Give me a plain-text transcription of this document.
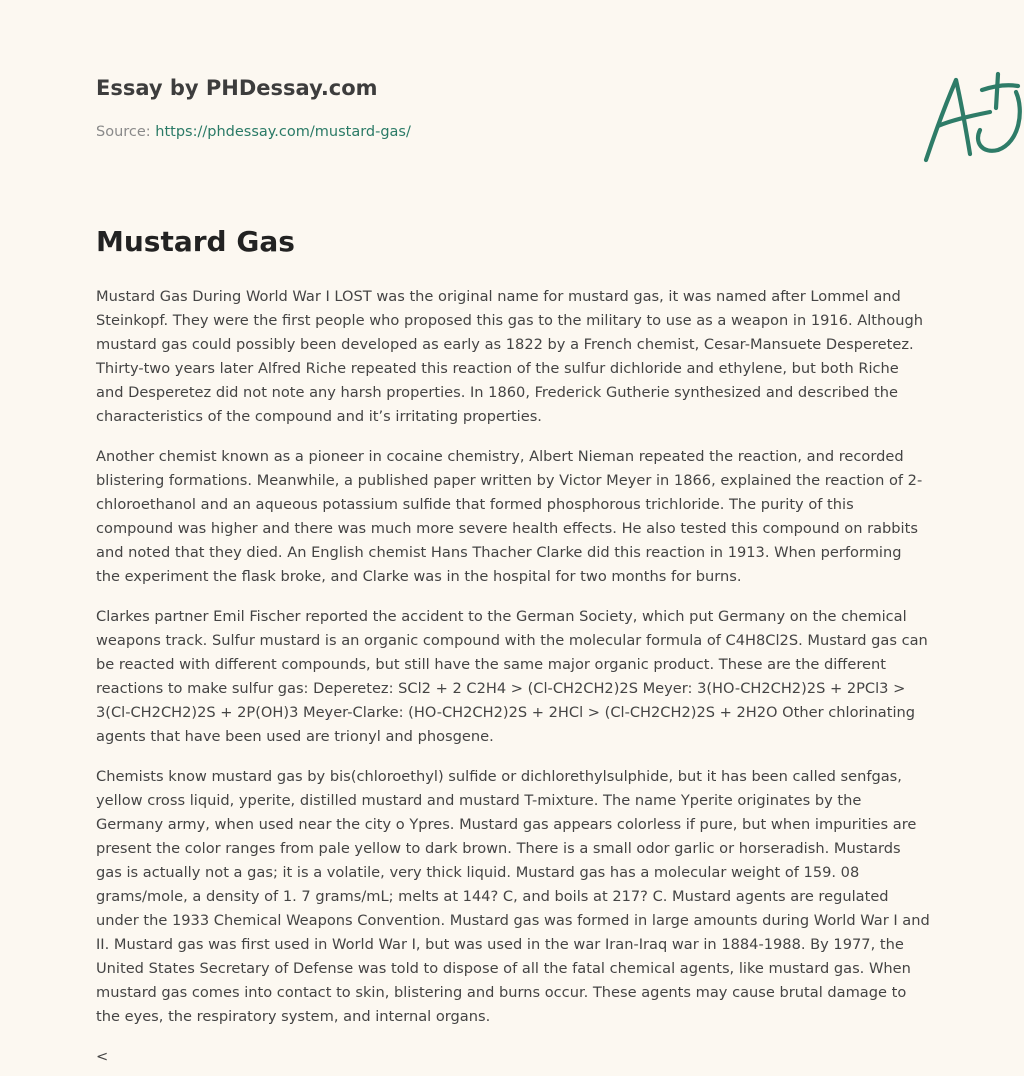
Essay by PHDessay.com
Source: https://phdessay.com/mustard-gas/
Mustard Gas

Mustard Gas During World War I LOST was the original name for mustard gas, it was named after Lommel and Steinkopf. They were the first people who proposed this gas to the military to use as a weapon in 1916. Although mustard gas could possibly been developed as early as 1822 by a French chemist, Cesar-Mansuete Desperetez. Thirty-two years later Alfred Riche repeated this reaction of the sulfur dichloride and ethylene, but both Riche and Desperetez did not note any harsh properties. In 1860, Frederick Gutherie synthesized and described the characteristics of the compound and it’s irritating properties.

Another chemist known as a pioneer in cocaine chemistry, Albert Nieman repeated the reaction, and recorded blistering formations. Meanwhile, a published paper written by Victor Meyer in 1866, explained the reaction of 2-chloroethanol and an aqueous potassium sulfide that formed phosphorous trichloride. The purity of this compound was higher and there was much more severe health effects. He also tested this compound on rabbits and noted that they died. An English chemist Hans Thacher Clarke did this reaction in 1913. When performing the experiment the flask broke, and Clarke was in the hospital for two months for burns.

Clarkes partner Emil Fischer reported the accident to the German Society, which put Germany on the chemical weapons track. Sulfur mustard is an organic compound with the molecular formula of C4H8Cl2S. Mustard gas can be reacted with different compounds, but still have the same major organic product. These are the different reactions to make sulfur gas: Deperetez: SCl2 + 2 C2H4 > (Cl-CH2CH2)2S Meyer: 3(HO-CH2CH2)2S + 2PCl3 > 3(Cl-CH2CH2)2S + 2P(OH)3 Meyer-Clarke: (HO-CH2CH2)2S + 2HCl > (Cl-CH2CH2)2S + 2H2O Other chlorinating agents that have been used are trionyl and phosgene.

Chemists know mustard gas by bis(chloroethyl) sulfide or dichlorethylsulphide, but it has been called senfgas, yellow cross liquid, yperite, distilled mustard and mustard T-mixture. The name Yperite originates by the Germany army, when used near the city o Ypres. Mustard gas appears colorless if pure, but when impurities are present the color ranges from pale yellow to dark brown. There is a small odor garlic or horseradish. Mustards gas is actually not a gas; it is a volatile, very thick liquid. Mustard gas has a molecular weight of 159. 08 grams/mole, a density of 1. 7 grams/mL; melts at 144? C, and boils at 217? C. Mustard agents are regulated under the 1933 Chemical Weapons Convention. Mustard gas was formed in large amounts during World War I and II. Mustard gas was first used in World War I, but was used in the war Iran-Iraq war in 1884-1988. By 1977, the United States Secretary of Defense was told to dispose of all the fatal chemical agents, like mustard gas. When mustard gas comes into contact to skin, blistering and burns occur. These agents may cause brutal damage to the eyes, the respiratory system, and internal organs.

<
